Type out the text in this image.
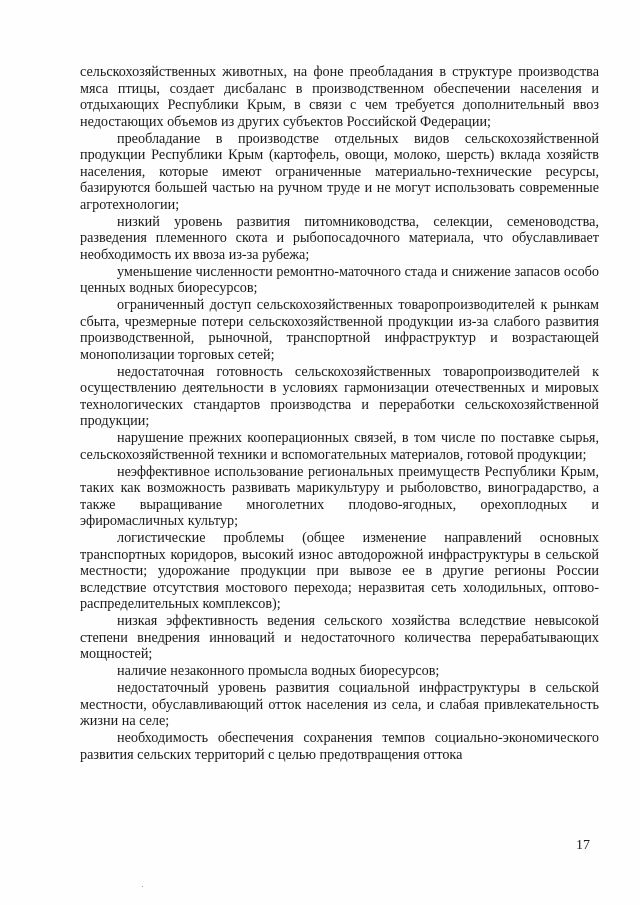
сельскохозяйственных животных, на фоне преобладания в структуре производства мяса птицы, создает дисбаланс в производственном обеспечении населения и отдыхающих Республики Крым, в связи с чем требуется дополнительный ввоз недостающих объемов из других субъектов Российской Федерации;

преобладание в производстве отдельных видов сельскохозяйственной продукции Республики Крым (картофель, овощи, молоко, шерсть) вклада хозяйств населения, которые имеют ограниченные материально-технические ресурсы, базируются большей частью на ручном труде и не могут использовать современные агротехнологии;

низкий уровень развития питомниководства, селекции, семеноводства, разведения племенного скота и рыбопосадочного материала, что обуславливает необходимость их ввоза из-за рубежа;

уменьшение численности ремонтно-маточного стада и снижение запасов особо ценных водных биоресурсов;

ограниченный доступ сельскохозяйственных товаропроизводителей к рынкам сбыта, чрезмерные потери сельскохозяйственной продукции из-за слабого развития производственной, рыночной, транспортной инфраструктур и возрастающей монополизации торговых сетей;

недостаточная готовность сельскохозяйственных товаропроизводителей к осуществлению деятельности в условиях гармонизации отечественных и мировых технологических стандартов производства и переработки сельскохозяйственной продукции;

нарушение прежних кооперационных связей, в том числе по поставке сырья, сельскохозяйственной техники и вспомогательных материалов, готовой продукции;

неэффективное использование региональных преимуществ Республики Крым, таких как возможность развивать марикультуру и рыболовство, виноградарство, а также выращивание многолетних плодово-ягодных, орехоплодных и эфиромасличных культур;

логистические проблемы (общее изменение направлений основных транспортных коридоров, высокий износ автодорожной инфраструктуры в сельской местности; удорожание продукции при вывозе ее в другие регионы России вследствие отсутствия мостового перехода; неразвитая сеть холодильных, оптово-распределительных комплексов);

низкая эффективность ведения сельского хозяйства вследствие невысокой степени внедрения инноваций и недостаточного количества перерабатывающих мощностей;

наличие незаконного промысла водных биоресурсов;

недостаточный уровень развития социальной инфраструктуры в сельской местности, обуславливающий отток населения из села, и слабая привлекательность жизни на селе;

необходимость обеспечения сохранения темпов социально-экономического развития сельских территорий с целью предотвращения оттока

17
